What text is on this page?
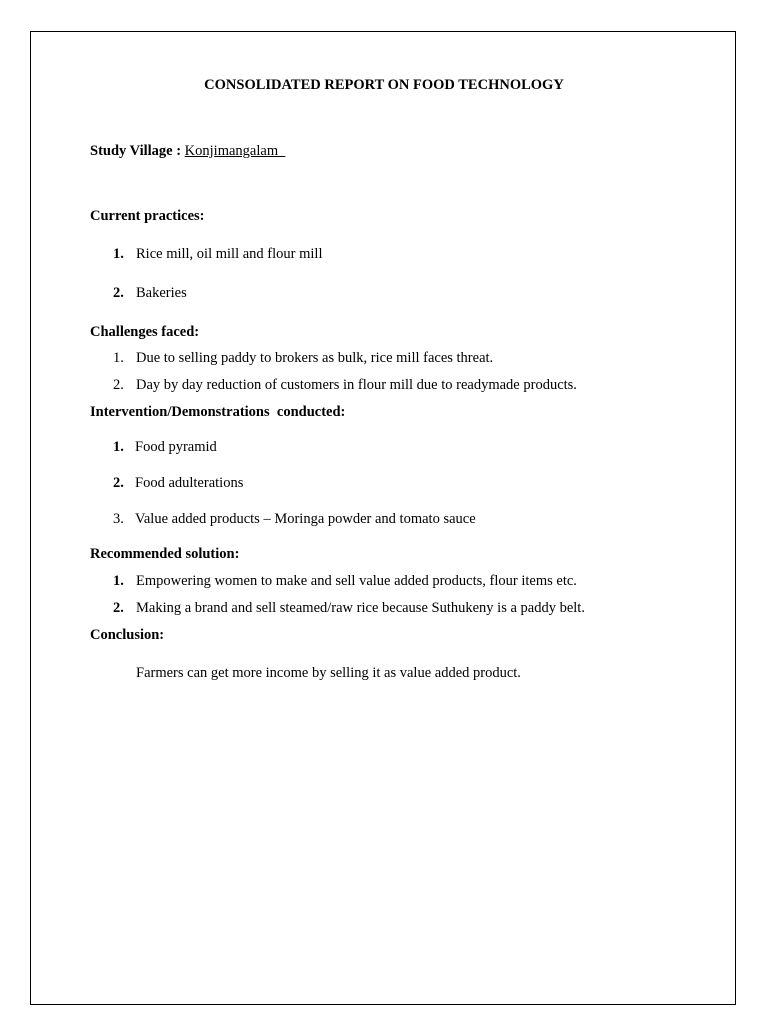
CONSOLIDATED REPORT ON FOOD TECHNOLOGY
Study Village : Konjimangalam
Current practices:
1. Rice mill, oil mill and flour mill
2. Bakeries
Challenges faced:
1. Due to selling paddy to brokers as bulk, rice mill faces threat.
2. Day by day reduction of customers in flour mill due to readymade products.
Intervention/Demonstrations  conducted:
1. Food pyramid
2. Food adulterations
3. Value added products – Moringa powder and tomato sauce
Recommended solution:
1. Empowering women to make and sell value added products, flour items etc.
2. Making a brand and sell steamed/raw rice because Suthukeny is a paddy belt.
Conclusion:
Farmers can get more income by selling it as value added product.
